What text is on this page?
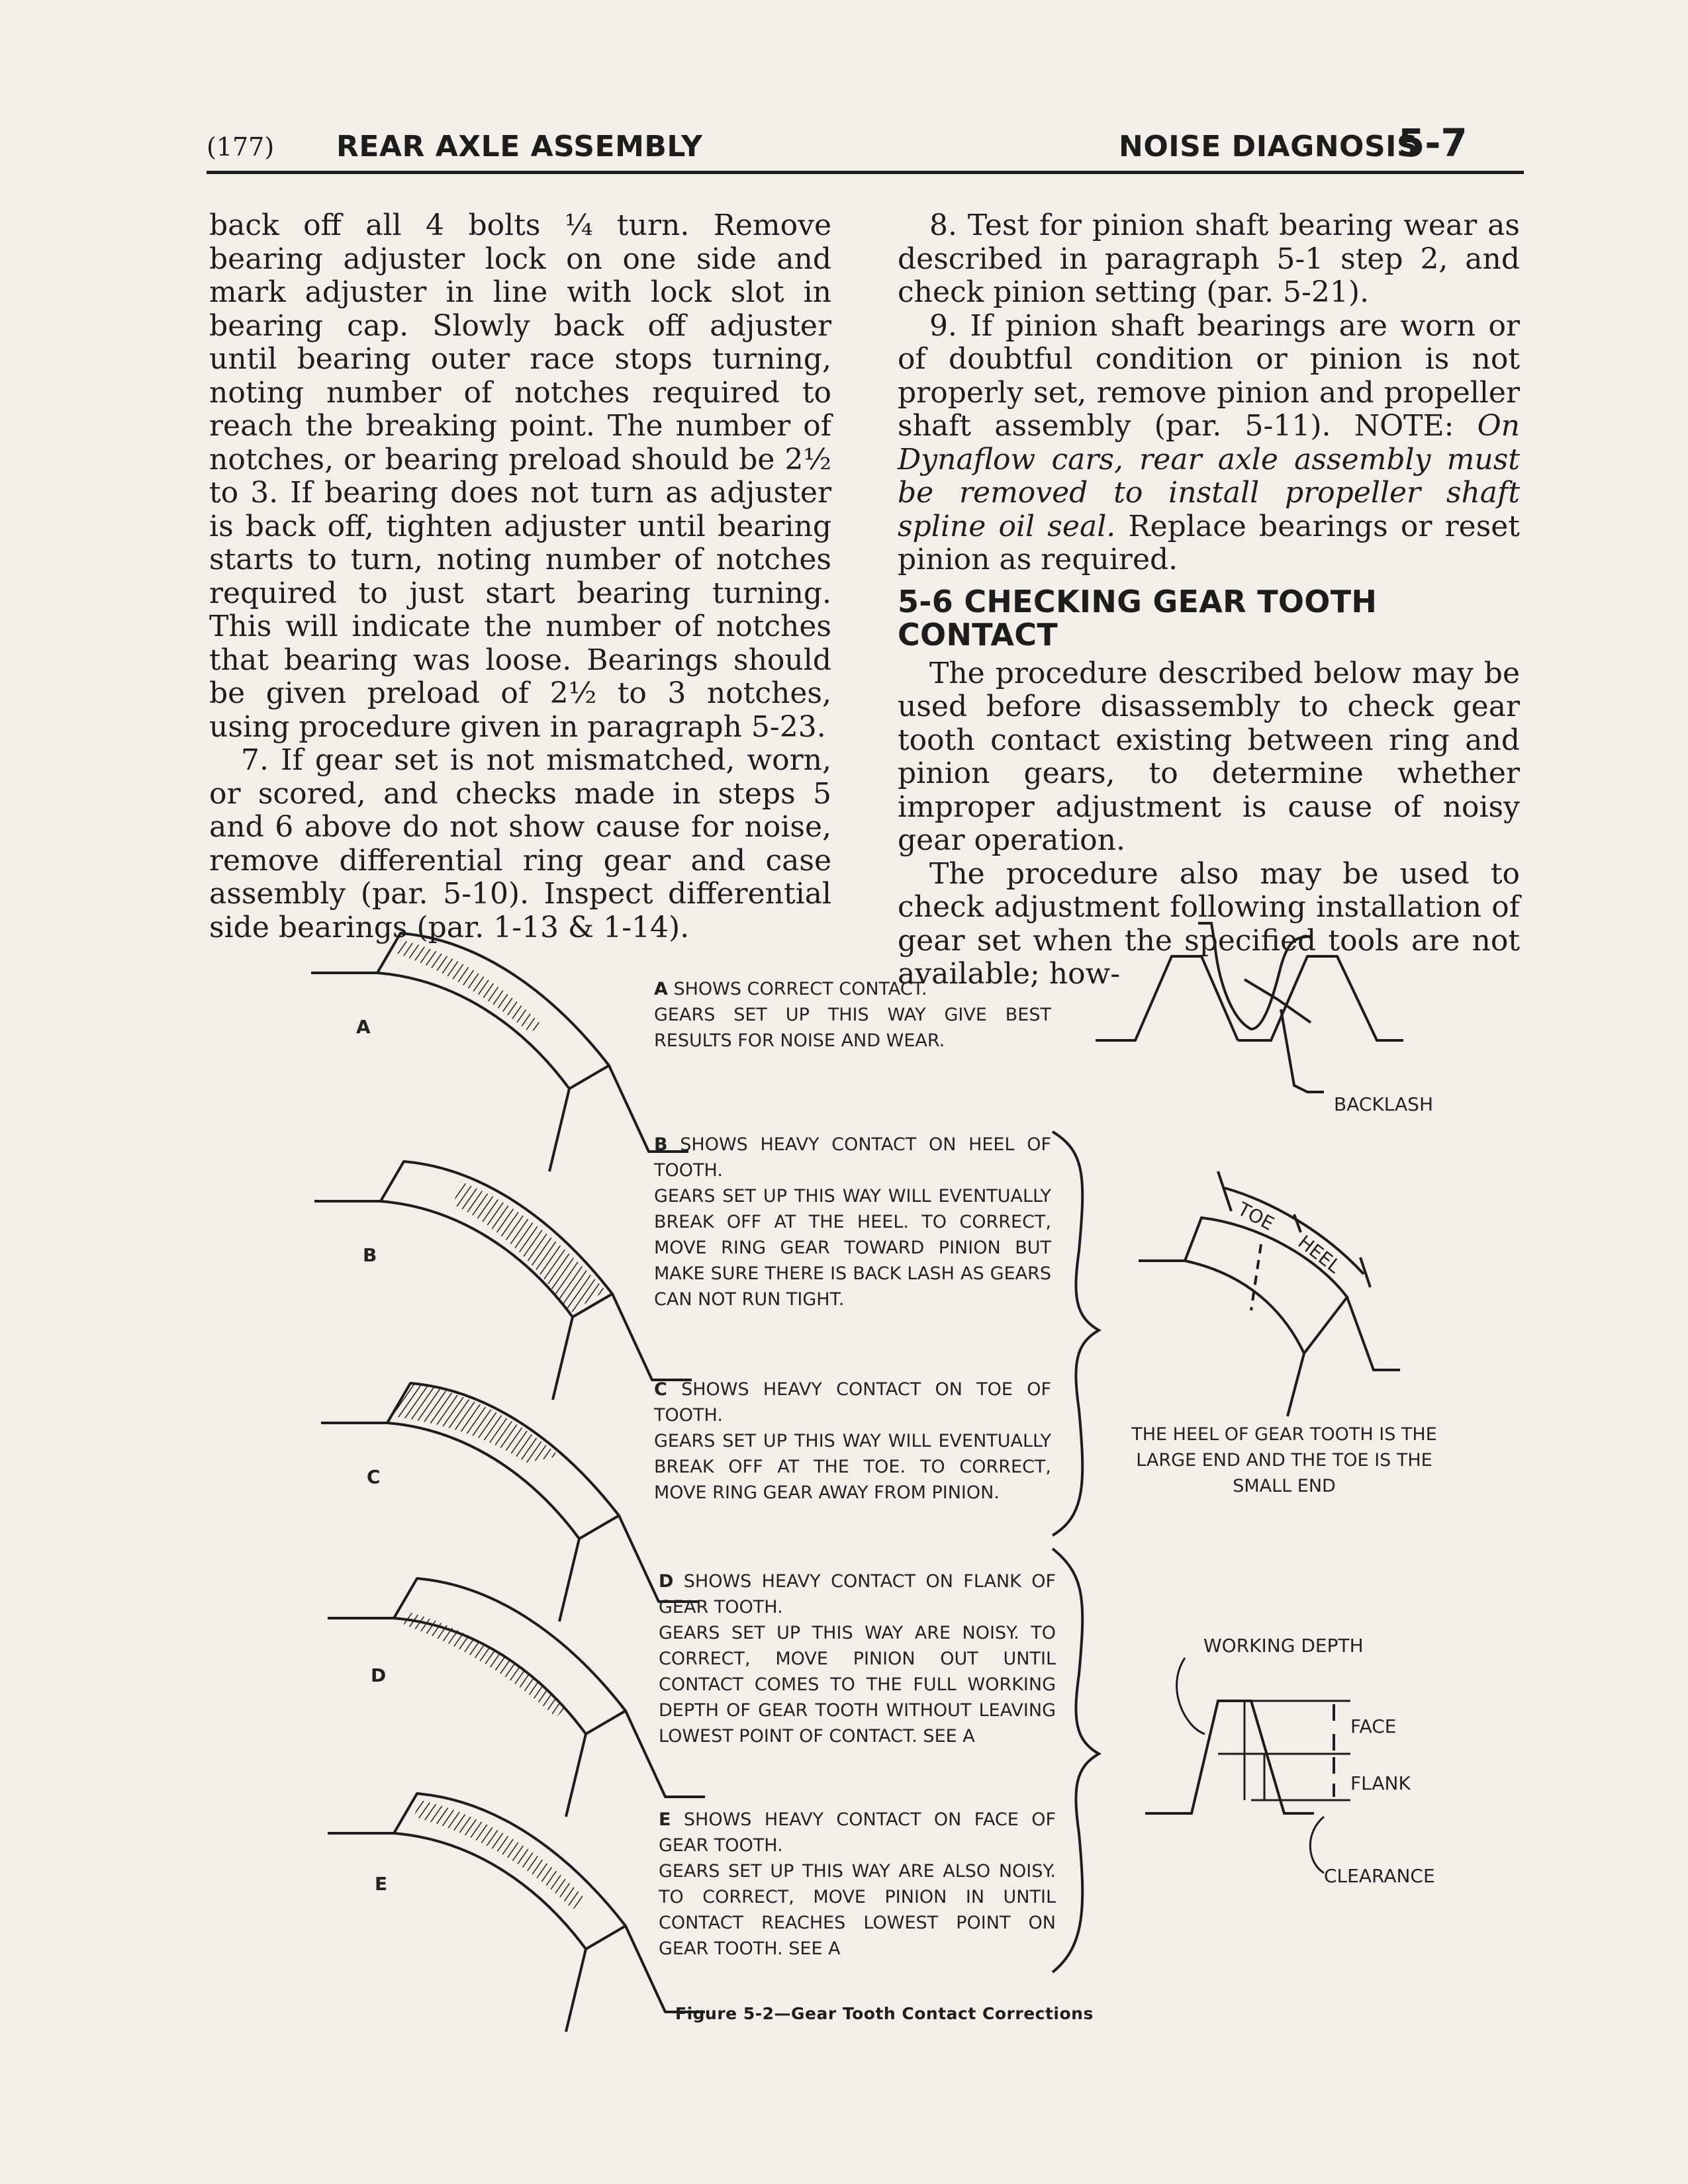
(177) REAR AXLE ASSEMBLY	NOISE DIAGNOSIS
5-7

back off all 4 bolts ¼ turn. Remove bearing adjuster lock on one side and mark adjuster in line with lock slot in bearing cap. Slowly back off adjuster until bearing outer race stops turning, noting number of notches required to reach the breaking point. The number of notches, or bearing preload should be 2½ to 3. If bearing does not turn as adjuster is back off, tighten adjuster until bearing starts to turn, noting number of notches required to just start bearing turning. This will indicate the number of notches that bearing was loose. Bearings should be given preload of 2½ to 3 notches, using procedure given in paragraph 5-23.

7. If gear set is not mismatched, worn, or scored, and checks made in steps 5 and 6 above do not show cause for noise, remove differential ring gear and case assembly (par. 5-10). Inspect differential side bearings (par. 1-13 & 1-14).

8. Test for pinion shaft bearing wear as described in paragraph 5-1 step 2, and check pinion setting (par. 5-21).

9. If pinion shaft bearings are worn or of doubtful condition or pinion is not properly set, remove pinion and propeller shaft assembly (par. 5-11). NOTE: On Dynaflow cars, rear axle assembly must be removed to install propeller shaft spline oil seal. Replace bearings or reset pinion as required.

5-6 CHECKING GEAR TOOTH CONTACT

The procedure described below may be used before disassembly to check gear tooth contact existing between ring and pinion gears, to determine whether improper adjustment is cause of noisy gear operation.

The procedure also may be used to check adjustment following installation of gear set when the specified tools are not available; how-

A
B
C
D
E

A SHOWS CORRECT CONTACT.

GEARS SET UP THIS WAY GIVE BEST RESULTS FOR NOISE AND WEAR.

B SHOWS HEAVY CONTACT ON HEEL OF TOOTH.

GEARS SET UP THIS WAY WILL EVENTUALLY BREAK OFF AT THE HEEL. TO CORRECT, MOVE RING GEAR TOWARD PINION BUT MAKE SURE THERE IS BACK LASH AS GEARS CAN NOT RUN TIGHT.

C SHOWS HEAVY CONTACT ON TOE OF TOOTH.

GEARS SET UP THIS WAY WILL EVENTUALLY BREAK OFF AT THE TOE. TO CORRECT, MOVE RING GEAR AWAY FROM PINION.

D SHOWS HEAVY CONTACT ON FLANK OF GEAR TOOTH.

GEARS SET UP THIS WAY ARE NOISY. TO CORRECT, MOVE PINION OUT UNTIL CONTACT COMES TO THE FULL WORKING DEPTH OF GEAR TOOTH WITHOUT LEAVING LOWEST POINT OF CONTACT. SEE A

E SHOWS HEAVY CONTACT ON FACE OF GEAR TOOTH.

GEARS SET UP THIS WAY ARE ALSO NOISY. TO CORRECT, MOVE PINION IN UNTIL CONTACT REACHES LOWEST POINT ON GEAR TOOTH. SEE A

BACKLASH
TOE
HEEL
THE HEEL OF GEAR TOOTH IS THE LARGE END AND THE TOE IS THE SMALL END
WORKING DEPTH
FACE
FLANK
CLEARANCE
Figure 5-2—Gear Tooth Contact Corrections
